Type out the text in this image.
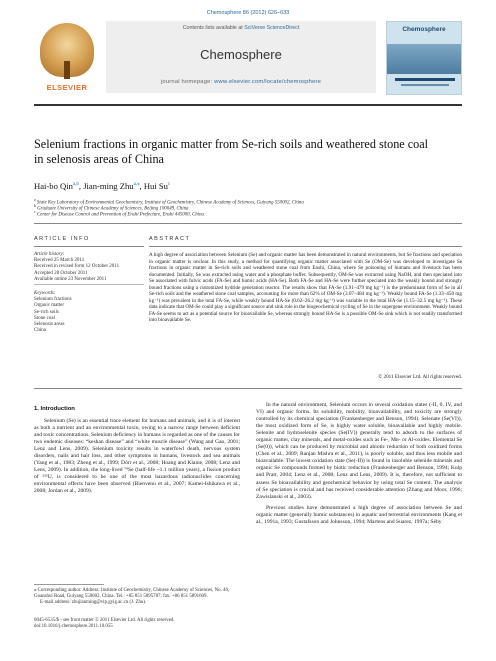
Chemosphere 86 (2012) 626–633
ELSEVIER
Contents lists available at SciVerse ScienceDirect
Chemosphere
journal homepage: www.elsevier.com/locate/chemosphere
Chemosphere
Selenium fractions in organic matter from Se-rich soils and weathered stone coal
in selenosis areas of China
Hai-bo Qin$^{a,b}$, Jian-ming Zhu$^{a,⁎}$, Hui Su$^c$
$^a$ State Key Laboratory of Environmental Geochemistry, Institute of Geochemistry, Chinese Academy of Sciences, Guiyang 550002, China
$^b$ Graduate University of Chinese Academy of Sciences, Beijing 100049, China
$^c$ Center for Disease Control and Prevention of Enshi Prefecture, Enshi 445000, China
ARTICLE INFO	ABSTRACT
Article history:
Received 25 March 2011
Received in revised form 12 October 2011
Accepted 28 October 2011
Available online 23 November 2011
Keywords:
Selenium fractions
Organic matter
Se-rich soils
Stone coal
Selenosis areas
China
A high degree of association between Selenium (Se) and organic matter has been demonstrated in natural environments, but Se fractions and speciation in organic matter is unclear. In this study, a method for quantifying organic matter associated with Se (OM-Se) was developed to investigate Se fractions in organic matter in Se-rich soils and weathered stone coal from Enshi, China, where Se poisoning of humans and livestock has been documented. Initially, Se was extracted using water and a phosphate buffer. Subsequently, OM-Se was extracted using NaOH, and then speciated into Se associated with fulvic acids (FA-Se) and humic acids (HA-Se). Both FA-Se and HA-Se were further speciated into the weakly bound and strongly bound fractions using a customized hydride generation reactor. The results show that FA-Se (1.91–479 mg kg⁻¹) is the predominant form of Se in all Se-rich soils and the weathered stone coal samples, accounting for more than 62% of OM-Se (3.07–484 mg kg⁻¹). Weakly bound FA-Se (1.33–450 mg kg⁻¹) was prevalent in the total FA-Se, while weakly bound HA-Se (0.62–26.2 mg kg⁻¹) was variable in the total HA-Se (1.15–32.5 mg kg⁻¹). These data indicate that OM-Se could play a significant source and sink role in the biogeochemical cycling of Se in the supergene environment. Weakly bound FA-Se seems to act as a potential source for bioavailable Se, whereas strongly bound HA-Se is a possible OM-Se sink which is not readily transformed into bioavailable Se.
© 2011 Elsevier Ltd. All rights reserved.
1. Introduction

Selenium (Se) is an essential trace element for humans and animals, and it is of interest as both a nutrient and an environmental toxin, owing to a narrow range between deficient and toxic concentrations. Selenium deficiency in humans is regarded as one of the causes for two endemic diseases: “keshan disease” and “white muscle disease” (Wang and Gao, 2001; Lenz and Lens, 2009). Selenium toxicity results in waterfowl death, nervous system disorders, nails and hair loss, and other symptoms in humans, livestock and sea animals (Yang et al., 1983; Zheng et al., 1999; Dörr et al., 2008; Hoang and Klaine, 2008; Lenz and Lens, 2009). In addition, the long-lived ⁷⁹Se (half-life ~1.1 million years), a fission product of ²³⁵U, is considered to be one of the most hazardous radionuclides concerning environmental effects have been observed (Bienvenu et al., 2007; Kamei-Ishikawa et al., 2008; Jordan et al., 2009).

In the natural environment, Selenium occurs in several oxidation states (-II, 0, IV, and VI) and organic forms. Its solubility, mobility, bioavailability, and toxicity are strongly controlled by its chemical speciation (Frankenberger and Benson, 1994). Selenate (Se(VI)), the most oxidized form of Se, is highly water soluble, bioavailable and highly mobile. Selenite and hydroselenite species (Se(IV)) generally tend to adsorb to the surfaces of organic matter, clay minerals, and metal-oxides such as Fe-, Mn- or Al-oxides. Elemental Se (Se(0)), which can be produced by microbial and abiotic reduction of both oxidized forms (Chen et al., 2009; Ranjan Mishra et al., 2011), is poorly soluble, and thus less mobile and bioavailable. The lowest oxidation state (Se(-II)) is found in insoluble selenide minerals and organic Se compounds formed by biotic reduction (Frankenberger and Benson, 1994; Kulp and Pratt, 2004; Lenz et al., 2008; Lenz and Lens, 2009). It is, therefore, not sufficient to assess Se bioavailability and geochemical behavior by using total Se content. The analysis of Se speciation is crucial and has received considerable attention (Zhang and Moor, 1996; Zawislanski et al., 2003).

Previous studies have demonstrated a high degree of association between Se and organic matter (generally humic substances) in aquatic and terrestrial environments (Kang et al., 1991a, 1993; Gustafsson and Johnsson, 1994; Martens and Suarez, 1997a; Séby

⁎ Corresponding author. Address: Institute of Geochemistry, Chinese Academy of Sciences, No. 46, Guanshui Road, Guiyang 550002, China. Tel.: +85 851 5895787; fax: +86 851 5891609.
E-mail address: zhujianming@vip.gyig.ac.cn (J. Zhu).
0045-6535/$ - see front matter © 2011 Elsevier Ltd. All rights reserved.
doi:10.1016/j.chemosphere.2011.10.055
